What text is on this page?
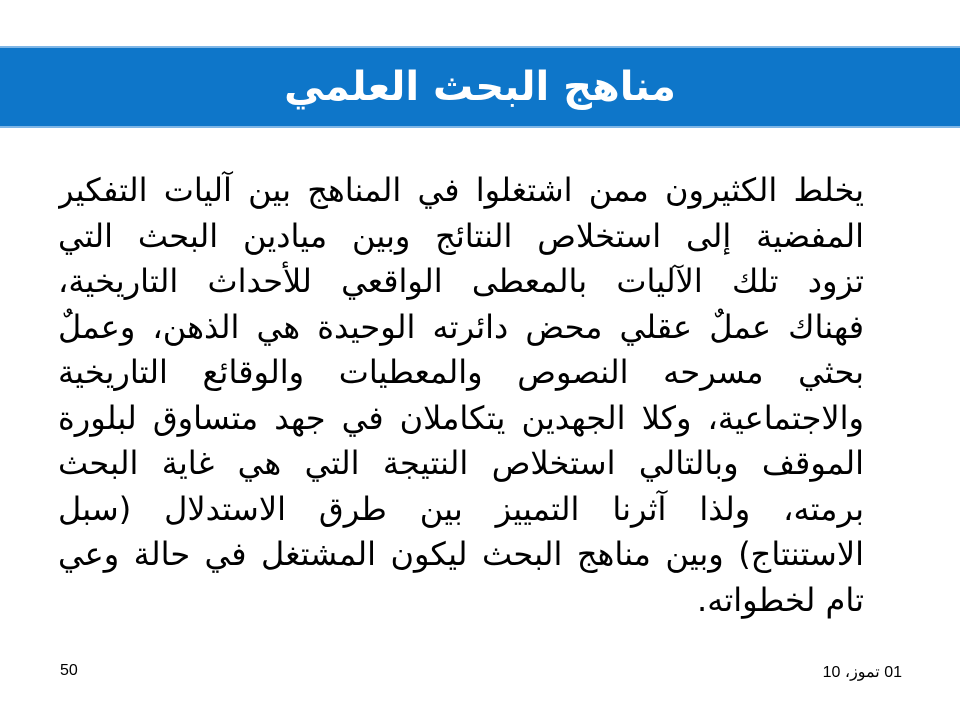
مناهج البحث العلمي
يخلط الكثيرون ممن اشتغلوا في المناهج بين آليات التفكير
المفضية إلى استخلاص النتائج وبين ميادين البحث التي
تزود تلك الآليات بالمعطى الواقعي للأحداث التاريخية،
فهناك عملٌ عقلي محض دائرته الوحيدة هي الذهن، وعملٌ
بحثي مسرحه النصوص والمعطيات والوقائع التاريخية
والاجتماعية، وكلا الجهدين يتكاملان في جهد متساوق لبلورة
الموقف وبالتالي استخلاص النتيجة التي هي غاية البحث
برمته، ولذا آثرنا التمييز بين طرق الاستدلال (سبل
الاستنتاج) وبين مناهج البحث ليكون المشتغل في حالة وعي
تام لخطواته.
50	01 تموز، 10
